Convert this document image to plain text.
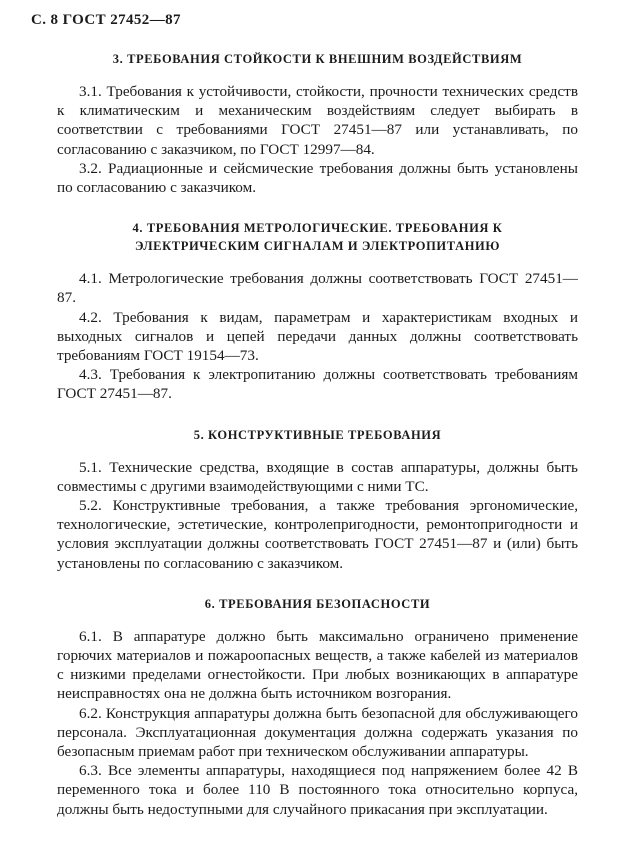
С. 8 ГОСТ 27452—87

3. ТРЕБОВАНИЯ СТОЙКОСТИ К ВНЕШНИМ ВОЗДЕЙСТВИЯМ

3.1. Требования к устойчивости, стойкости, прочности технических средств к климатическим и механическим воздействиям следует выбирать в соответствии с требованиями ГОСТ 27451—87 или устанавливать, по согласованию с заказчиком, по ГОСТ 12997—84.

3.2. Радиационные и сейсмические требования должны быть установлены по согласованию с заказчиком.

4. ТРЕБОВАНИЯ МЕТРОЛОГИЧЕСКИЕ. ТРЕБОВАНИЯ К

ЭЛЕКТРИЧЕСКИМ СИГНАЛАМ И ЭЛЕКТРОПИТАНИЮ

4.1. Метрологические требования должны соответствовать ГОСТ 27451—87.

4.2. Требования к видам, параметрам и характеристикам входных и выходных сигналов и цепей передачи данных должны соответствовать требованиям ГОСТ 19154—73.

4.3. Требования к электропитанию должны соответствовать требованиям ГОСТ 27451—87.

5. КОНСТРУКТИВНЫЕ ТРЕБОВАНИЯ

5.1. Технические средства, входящие в состав аппаратуры, должны быть совместимы с другими взаимодействующими с ними ТС.

5.2. Конструктивные требования, а также требования эргономические, технологические, эстетические, контролепригодности, ремонтопригодности и условия эксплуатации должны соответствовать ГОСТ 27451—87 и (или) быть установлены по согласованию с заказчиком.

6. ТРЕБОВАНИЯ БЕЗОПАСНОСТИ

6.1. В аппаратуре должно быть максимально ограничено применение горючих материалов и пожароопасных веществ, а также кабелей из материалов с низкими пределами огнестойкости. При любых возникающих в аппаратуре неисправностях она не должна быть источником возгорания.

6.2. Конструкция аппаратуры должна быть безопасной для обслуживающего персонала. Эксплуатационная документация должна содержать указания по безопасным приемам работ при техническом обслуживании аппаратуры.

6.3. Все элементы аппаратуры, находящиеся под напряжением более 42 В переменного тока и более 110 В постоянного тока относительно корпуса, должны быть недоступными для случайного прикасания при эксплуатации.
